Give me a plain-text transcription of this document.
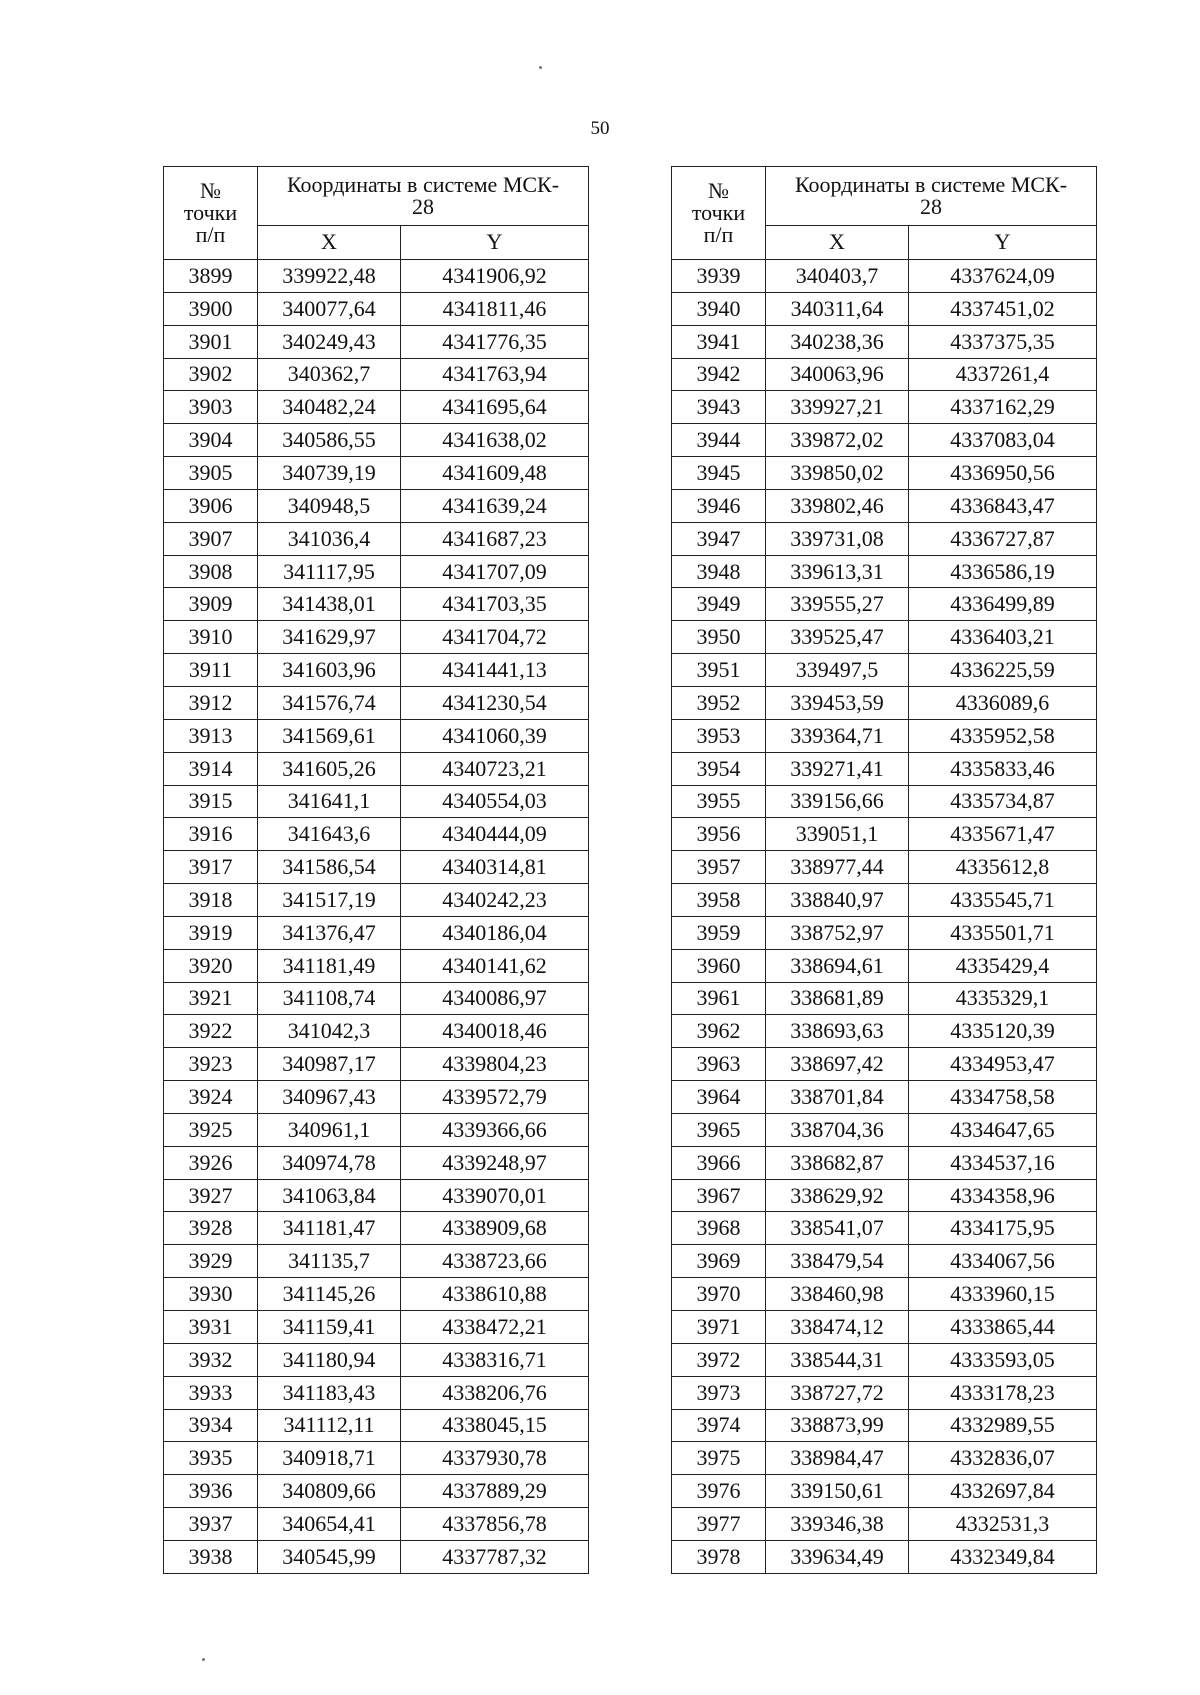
50
№
точки
п/п	Координаты в системе МСК-
28	
	X	Y
3899	339922,48	4341906,92
3900	340077,64	4341811,46
3901	340249,43	4341776,35
3902	340362,7	4341763,94
3903	340482,24	4341695,64
3904	340586,55	4341638,02
3905	340739,19	4341609,48
3906	340948,5	4341639,24
3907	341036,4	4341687,23
3908	341117,95	4341707,09
3909	341438,01	4341703,35
3910	341629,97	4341704,72
3911	341603,96	4341441,13
3912	341576,74	4341230,54
3913	341569,61	4341060,39
3914	341605,26	4340723,21
3915	341641,1	4340554,03
3916	341643,6	4340444,09
3917	341586,54	4340314,81
3918	341517,19	4340242,23
3919	341376,47	4340186,04
3920	341181,49	4340141,62
3921	341108,74	4340086,97
3922	341042,3	4340018,46
3923	340987,17	4339804,23
3924	340967,43	4339572,79
3925	340961,1	4339366,66
3926	340974,78	4339248,97
3927	341063,84	4339070,01
3928	341181,47	4338909,68
3929	341135,7	4338723,66
3930	341145,26	4338610,88
3931	341159,41	4338472,21
3932	341180,94	4338316,71
3933	341183,43	4338206,76
3934	341112,11	4338045,15
3935	340918,71	4337930,78
3936	340809,66	4337889,29
3937	340654,41	4337856,78
3938	340545,99	4337787,32
№
точки
п/п	Координаты в системе МСК-
28	
	X	Y
3939	340403,7	4337624,09
3940	340311,64	4337451,02
3941	340238,36	4337375,35
3942	340063,96	4337261,4
3943	339927,21	4337162,29
3944	339872,02	4337083,04
3945	339850,02	4336950,56
3946	339802,46	4336843,47
3947	339731,08	4336727,87
3948	339613,31	4336586,19
3949	339555,27	4336499,89
3950	339525,47	4336403,21
3951	339497,5	4336225,59
3952	339453,59	4336089,6
3953	339364,71	4335952,58
3954	339271,41	4335833,46
3955	339156,66	4335734,87
3956	339051,1	4335671,47
3957	338977,44	4335612,8
3958	338840,97	4335545,71
3959	338752,97	4335501,71
3960	338694,61	4335429,4
3961	338681,89	4335329,1
3962	338693,63	4335120,39
3963	338697,42	4334953,47
3964	338701,84	4334758,58
3965	338704,36	4334647,65
3966	338682,87	4334537,16
3967	338629,92	4334358,96
3968	338541,07	4334175,95
3969	338479,54	4334067,56
3970	338460,98	4333960,15
3971	338474,12	4333865,44
3972	338544,31	4333593,05
3973	338727,72	4333178,23
3974	338873,99	4332989,55
3975	338984,47	4332836,07
3976	339150,61	4332697,84
3977	339346,38	4332531,3
3978	339634,49	4332349,84
